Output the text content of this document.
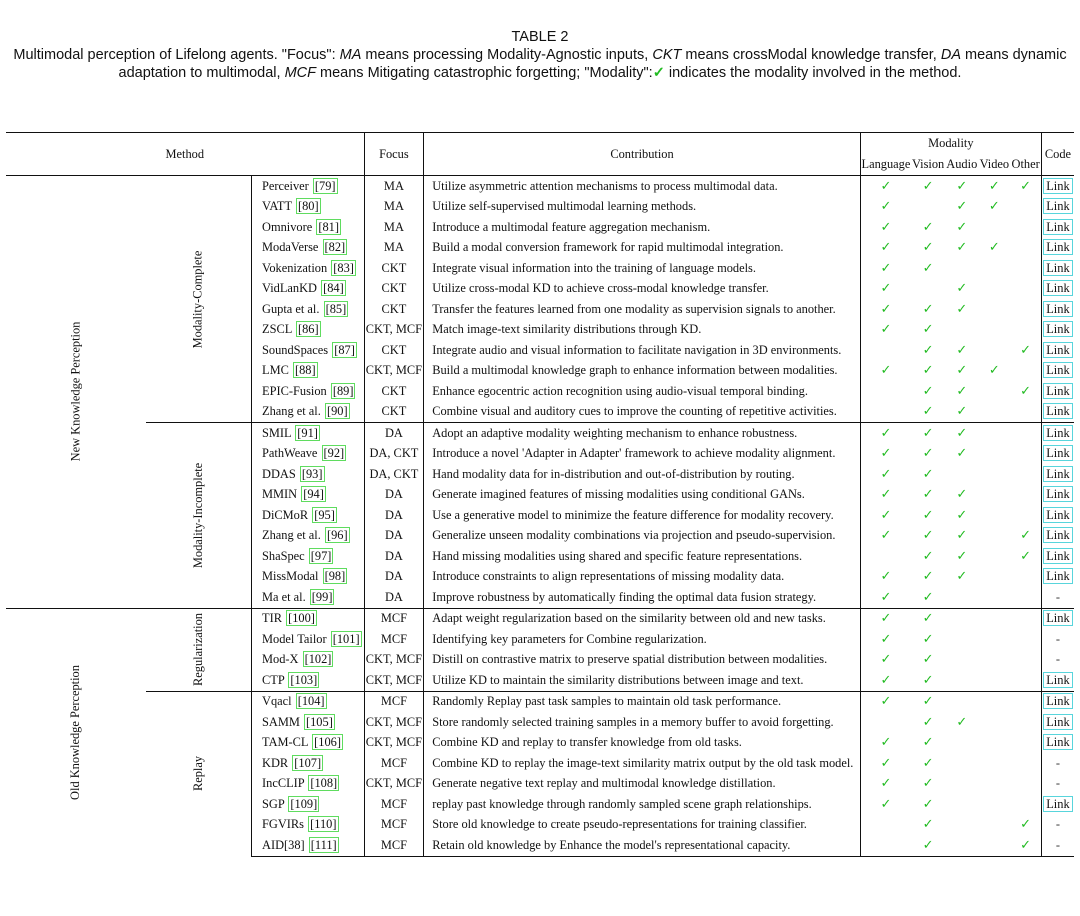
TABLE 2
Multimodal perception of Lifelong agents. "Focus": MA means processing Modality-Agnostic inputs, CKT means crossModal knowledge transfer, DA means dynamic adaptation to multimodal, MCF means Mitigating catastrophic forgetting; "Modality":✓ indicates the modality involved in the method.
Method			Focus	Contribution	Modality					Code
					Language	Vision	Audio	Video	Other	
New Knowledge Perception	Modality-Complete	Perceiver [79]	MA	Utilize asymmetric attention mechanisms to process multimodal data.	✓	✓	✓	✓	✓	Link
		VATT [80]	MA	Utilize self-supervised multimodal learning methods.	✓		✓	✓		Link
		Omnivore [81]	MA	Introduce a multimodal feature aggregation mechanism.	✓	✓	✓			Link
		ModaVerse [82]	MA	Build a modal conversion framework for rapid multimodal integration.	✓	✓	✓	✓		Link
		Vokenization [83]	CKT	Integrate visual information into the training of language models.	✓	✓				Link
		VidLanKD [84]	CKT	Utilize cross-modal KD to achieve cross-modal knowledge transfer.	✓		✓			Link
		Gupta et al. [85]	CKT	Transfer the features learned from one modality as supervision signals to another.	✓	✓	✓			Link
		ZSCL [86]	CKT, MCF	Match image-text similarity distributions through KD.	✓	✓				Link
		SoundSpaces [87]	CKT	Integrate audio and visual information to facilitate navigation in 3D environments.		✓	✓		✓	Link
		LMC [88]	CKT, MCF	Build a multimodal knowledge graph to enhance information between modalities.	✓	✓	✓	✓		Link
		EPIC-Fusion [89]	CKT	Enhance egocentric action recognition using audio-visual temporal binding.		✓	✓		✓	Link
		Zhang et al. [90]	CKT	Combine visual and auditory cues to improve the counting of repetitive activities.		✓	✓			Link
	Modality-Incomplete	SMIL [91]	DA	Adopt an adaptive modality weighting mechanism to enhance robustness.	✓	✓	✓			Link
		PathWeave [92]	DA, CKT	Introduce a novel 'Adapter in Adapter' framework to achieve modality alignment.	✓	✓	✓			Link
		DDAS [93]	DA, CKT	Hand modality data for in-distribution and out-of-distribution by routing.	✓	✓				Link
		MMIN [94]	DA	Generate imagined features of missing modalities using conditional GANs.	✓	✓	✓			Link
		DiCMoR [95]	DA	Use a generative model to minimize the feature difference for modality recovery.	✓	✓	✓			Link
		Zhang et al. [96]	DA	Generalize unseen modality combinations via projection and pseudo-supervision.	✓	✓	✓		✓	Link
		ShaSpec [97]	DA	Hand missing modalities using shared and specific feature representations.		✓	✓		✓	Link
		MissModal [98]	DA	Introduce constraints to align representations of missing modality data.	✓	✓	✓			Link
		Ma et al. [99]	DA	Improve robustness by automatically finding the optimal data fusion strategy.	✓	✓				-
Old Knowledge Perception	Regularization	TIR [100]	MCF	Adapt weight regularization based on the similarity between old and new tasks.	✓	✓				Link
		Model Tailor [101]	MCF	Identifying key parameters for Combine regularization.	✓	✓				-
		Mod-X [102]	CKT, MCF	Distill on contrastive matrix to preserve spatial distribution between modalities.	✓	✓				-
		CTP [103]	CKT, MCF	Utilize KD to maintain the similarity distributions between image and text.	✓	✓				Link
	Replay	Vqacl [104]	MCF	Randomly Replay past task samples to maintain old task performance.	✓	✓				Link
		SAMM [105]	CKT, MCF	Store randomly selected training samples in a memory buffer to avoid forgetting.		✓	✓			Link
		TAM-CL [106]	CKT, MCF	Combine KD and replay to transfer knowledge from old tasks.	✓	✓				Link
		KDR [107]	MCF	Combine KD to replay the image-text similarity matrix output by the old task model.	✓	✓				-
		IncCLIP [108]	CKT, MCF	Generate negative text replay and multimodal knowledge distillation.	✓	✓				-
		SGP [109]	MCF	replay past knowledge through randomly sampled scene graph relationships.	✓	✓				Link
		FGVIRs [110]	MCF	Store old knowledge to create pseudo-representations for training classifier.		✓			✓	-
		AID[38] [111]	MCF	Retain old knowledge by Enhance the model's representational capacity.		✓			✓	-
